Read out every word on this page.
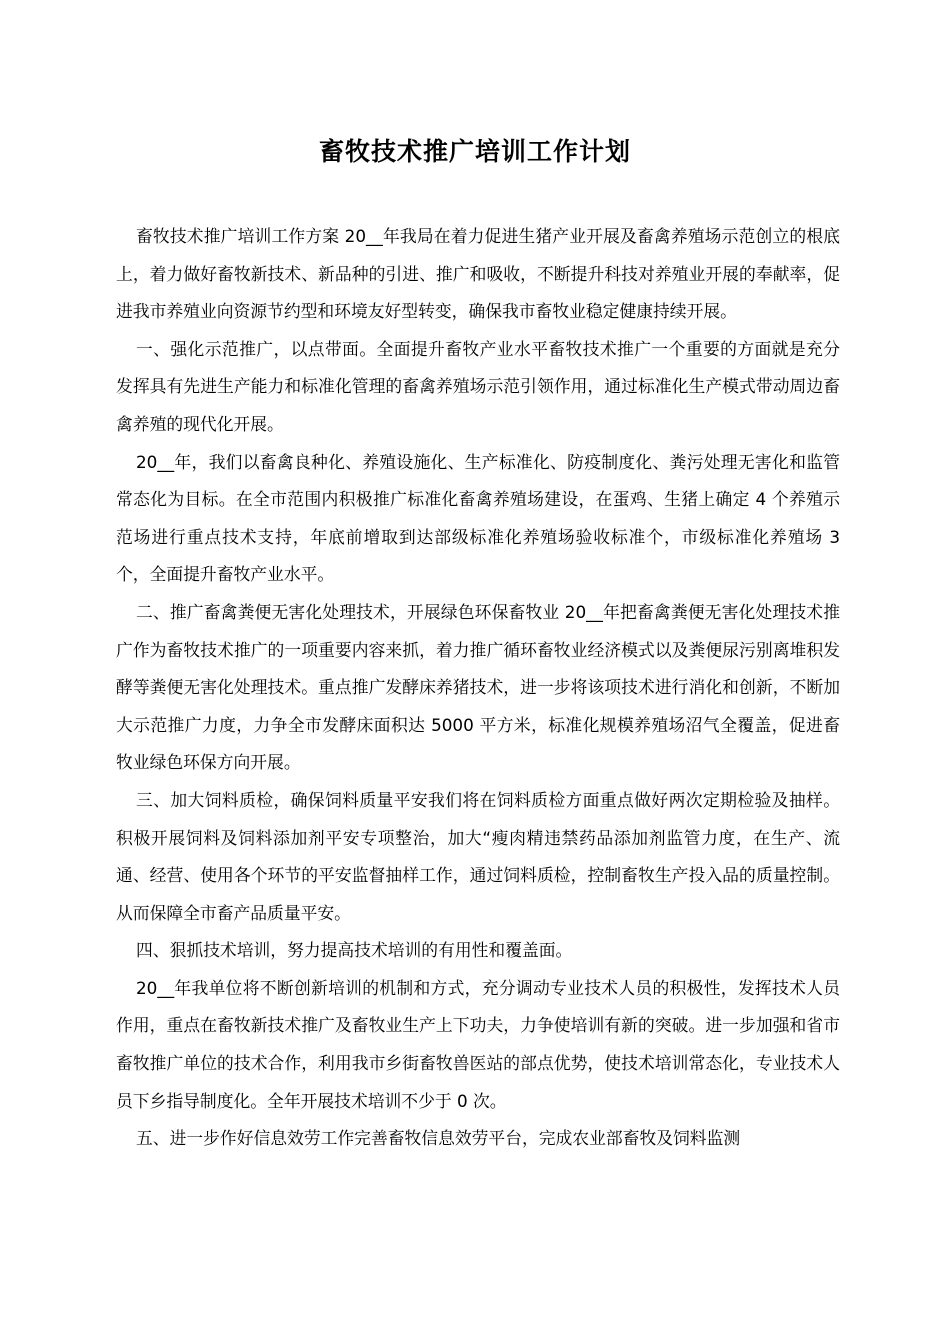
畜牧技术推广培训工作计划

畜牧技术推广培训工作方案 20__年我局在着力促进生猪产业开展及畜禽养殖场示范创立的根底上，着力做好畜牧新技术、新品种的引进、推广和吸收，不断提升科技对养殖业开展的奉献率，促进我市养殖业向资源节约型和环境友好型转变，确保我市畜牧业稳定健康持续开展。

一、强化示范推广，以点带面。全面提升畜牧产业水平畜牧技术推广一个重要的方面就是充分发挥具有先进生产能力和标准化管理的畜禽养殖场示范引领作用，通过标准化生产模式带动周边畜禽养殖的现代化开展。

20__年，我们以畜禽良种化、养殖设施化、生产标准化、防疫制度化、粪污处理无害化和监管常态化为目标。在全市范围内积极推广标准化畜禽养殖场建设，在蛋鸡、生猪上确定 4 个养殖示范场进行重点技术支持，年底前增取到达部级标准化养殖场验收标准个，市级标准化养殖场 3 个，全面提升畜牧产业水平。

二、推广畜禽粪便无害化处理技术，开展绿色环保畜牧业 20__年把畜禽粪便无害化处理技术推广作为畜牧技术推广的一项重要内容来抓，着力推广循环畜牧业经济模式以及粪便尿污别离堆积发酵等粪便无害化处理技术。重点推广发酵床养猪技术，进一步将该项技术进行消化和创新，不断加大示范推广力度，力争全市发酵床面积达 5000 平方米，标准化规模养殖场沼气全覆盖，促进畜牧业绿色环保方向开展。

三、加大饲料质检，确保饲料质量平安我们将在饲料质检方面重点做好两次定期检验及抽样。积极开展饲料及饲料添加剂平安专项整治，加大“瘦肉精违禁药品添加剂监管力度，在生产、流通、经营、使用各个环节的平安监督抽样工作，通过饲料质检，控制畜牧生产投入品的质量控制。从而保障全市畜产品质量平安。

四、狠抓技术培训，努力提高技术培训的有用性和覆盖面。

20__年我单位将不断创新培训的机制和方式，充分调动专业技术人员的积极性，发挥技术人员作用，重点在畜牧新技术推广及畜牧业生产上下功夫，力争使培训有新的突破。进一步加强和省市畜牧推广单位的技术合作，利用我市乡街畜牧兽医站的部点优势，使技术培训常态化，专业技术人员下乡指导制度化。全年开展技术培训不少于 0 次。

五、进一步作好信息效劳工作完善畜牧信息效劳平台，完成农业部畜牧及饲料监测
